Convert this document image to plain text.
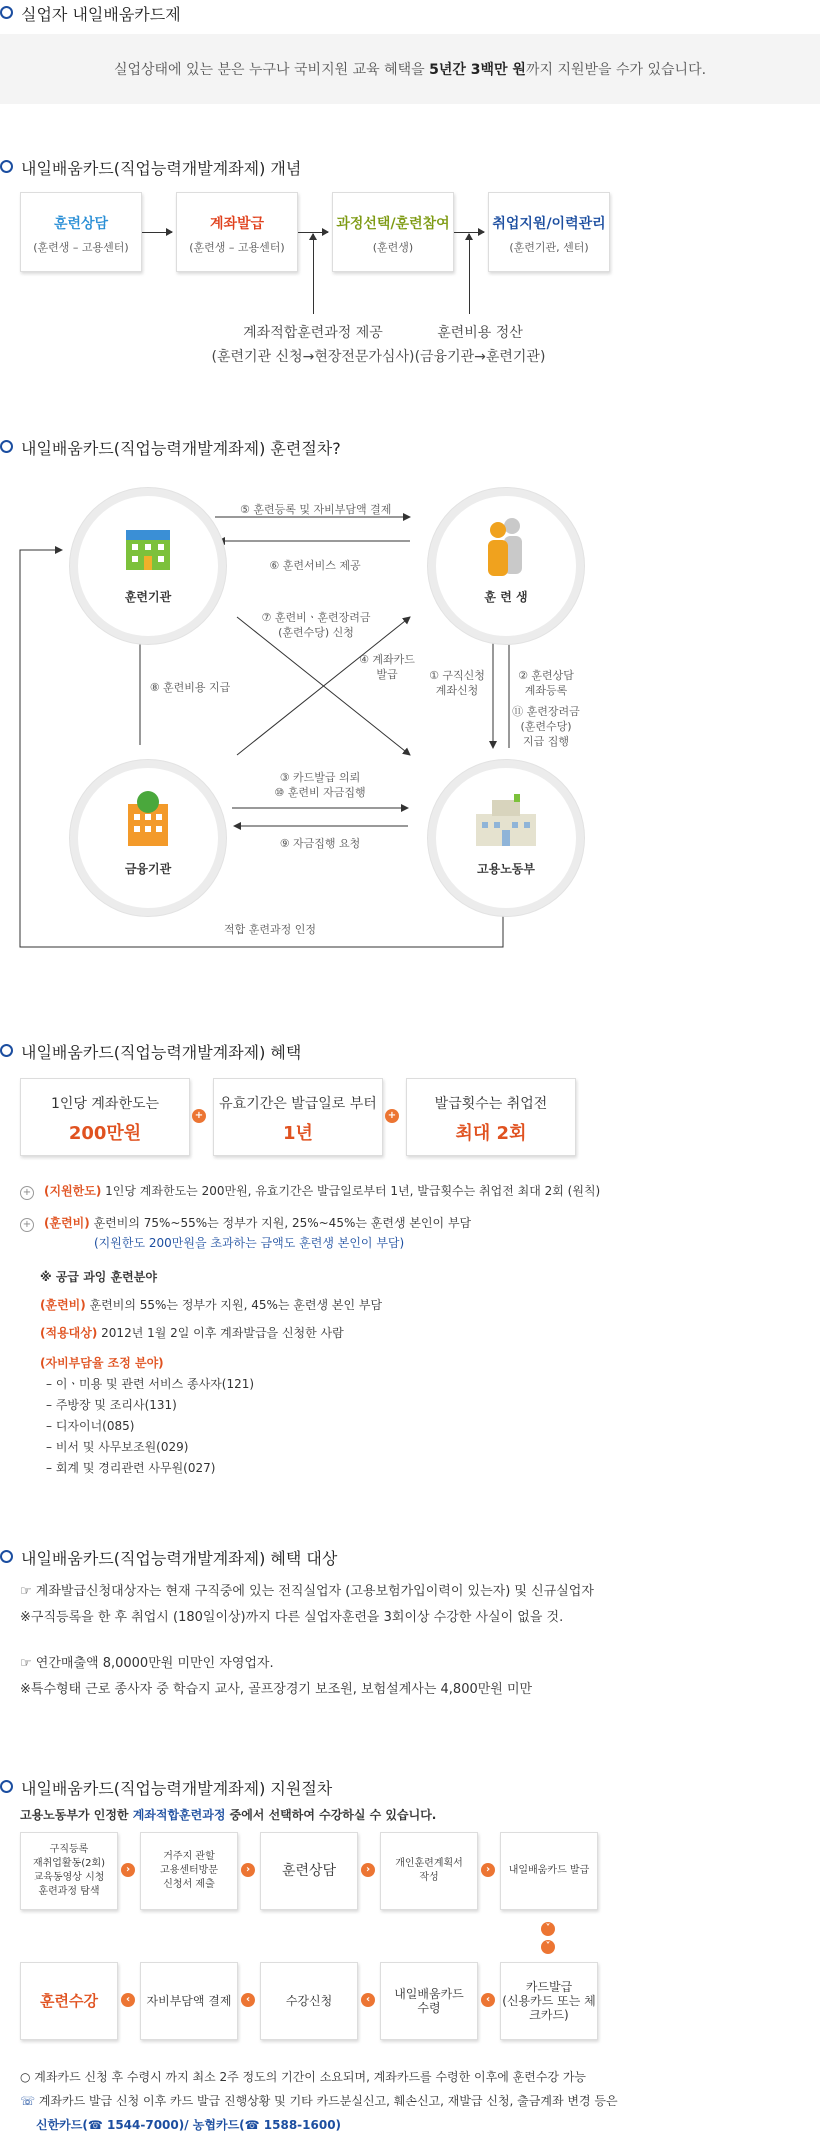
실업자 내일배움카드제
실업상태에 있는 분은 누구나 국비지원 교육 혜택을 5년간 3백만 원까지 지원받을 수가 있습니다.
내일배움카드(직업능력개발계좌제) 개념
훈련상담
(훈련생 – 고용센터)
계좌발급
(훈련생 – 고용센터)
과정선택/훈련참여
(훈련생)
취업지원/이력관리
(훈련기관, 센터)
계좌적합훈련과정 제공
(훈련기관 신청→현장전문가심사)
훈련비용 정산
(금융기관→훈련기관)
내일배움카드(직업능력개발계좌제) 훈련절차?
훈련기관	훈 련 생
금융기관	고용노동부
⑤ 훈련등록 및 자비부담액 결제
⑥ 훈련서비스 제공
⑦ 훈련비ㆍ훈련장려금
(훈련수당) 신청
④ 계좌카드
발급
⑧ 훈련비용 지급
① 구직신청
계좌신청
② 훈련상담
계좌등록
⑪ 훈련장려금
(훈련수당)
지급 집행
③ 카드발급 의뢰
⑩ 훈련비 자금집행
⑨ 자금집행 요청
적합 훈련과정 인정
내일배움카드(직업능력개발계좌제) 혜택
1인당 계좌한도는
200만원
유효기간은 발급일로 부터
1년
발급횟수는 취업전
최대 2회
+	+
+ (지원한도) 1인당 계좌한도는 200만원, 유효기간은 발급일로부터 1년, 발급횟수는 취업전 최대 2회 (원칙)
+ (훈련비) 훈련비의 75%~55%는 정부가 지원, 25%~45%는 훈련생 본인이 부담
(지원한도 200만원을 초과하는 금액도 훈련생 본인이 부담)
※ 공급 과잉 훈련분야
(훈련비) 훈련비의 55%는 정부가 지원, 45%는 훈련생 본인 부담
(적용대상) 2012년 1월 2일 이후 계좌발급을 신청한 사람
(자비부담율 조정 분야)
– 이ㆍ미용 및 관련 서비스 종사자(121)
– 주방장 및 조리사(131)
– 디자이너(085)
– 비서 및 사무보조원(029)
– 회계 및 경리관련 사무원(027)
내일배움카드(직업능력개발계좌제) 혜택 대상
☞ 계좌발급신청대상자는 현재 구직중에 있는 전직실업자 (고용보험가입이력이 있는자) 및 신규실업자
※구직등록을 한 후 취업시 (180일이상)까지 다른 실업자훈련을 3회이상 수강한 사실이 없을 것.
☞ 연간매출액 8,0000만원 미만인 자영업자.
※특수형태 근로 종사자 중 학습지 교사, 골프장경기 보조원, 보험설계사는 4,800만원 미만
내일배움카드(직업능력개발계좌제) 지원절차
고용노동부가 인정한 계좌적합훈련과정 중에서 선택하여 수강하실 수 있습니다.
구직등록
재취업활동(2회)
교육동영상 시청
훈련과정 탐색
거주지 관할
고용센터방문
신청서 제출
훈련상담	개인훈련계획서
작성
내일배움카드 발급
›	›	›	›
˅
˅
훈련수강	자비부담액 결제	수강신청	내일배움카드
수령
카드발급
(신용카드 또는 체크카드)
‹	‹	‹	‹
○ 계좌카드 신청 후 수령시 까지 최소 2주 정도의 기간이 소요되며, 계좌카드를 수령한 이후에 훈련수강 가능
☏ 계좌카드 발급 신청 이후 카드 발급 진행상황 및 기타 카드분실신고, 훼손신고, 재발급 신청, 출금계좌 변경 등은
신한카드(☎ 1544-7000)/ 농협카드(☎ 1588-1600)
